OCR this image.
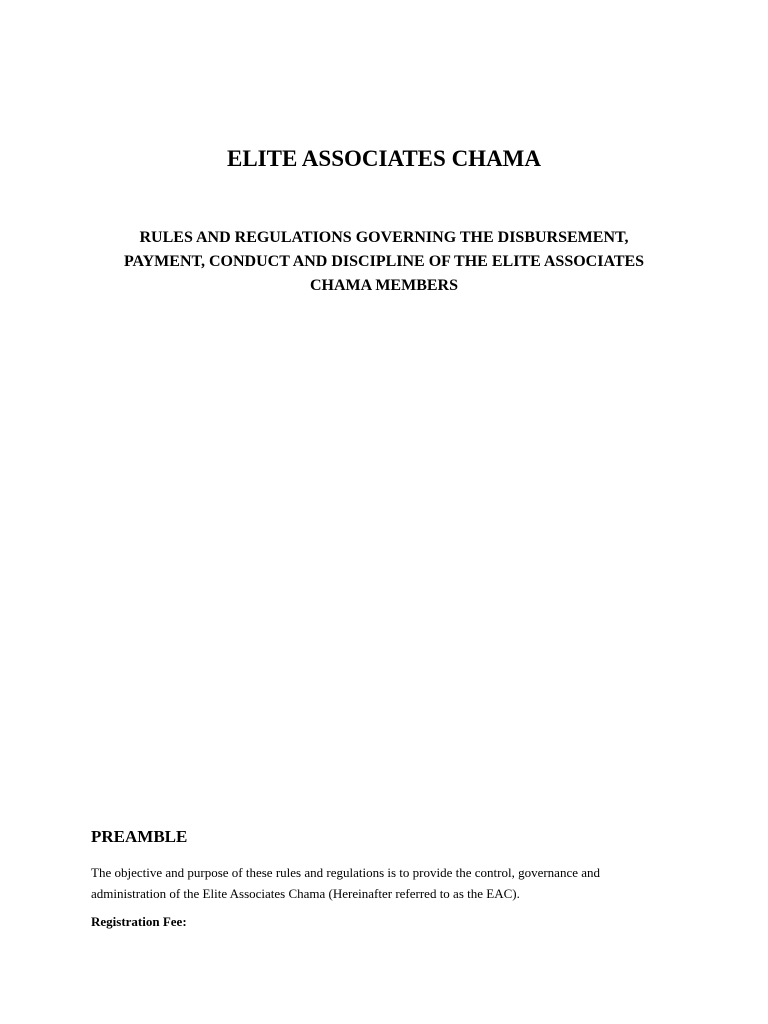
ELITE ASSOCIATES CHAMA
RULES AND REGULATIONS GOVERNING THE DISBURSEMENT,
PAYMENT, CONDUCT AND DISCIPLINE OF THE ELITE ASSOCIATES
CHAMA MEMBERS
PREAMBLE

The objective and purpose of these rules and regulations is to provide the control, governance and
administration of the Elite Associates Chama (Hereinafter referred to as the EAC).

Registration Fee:
